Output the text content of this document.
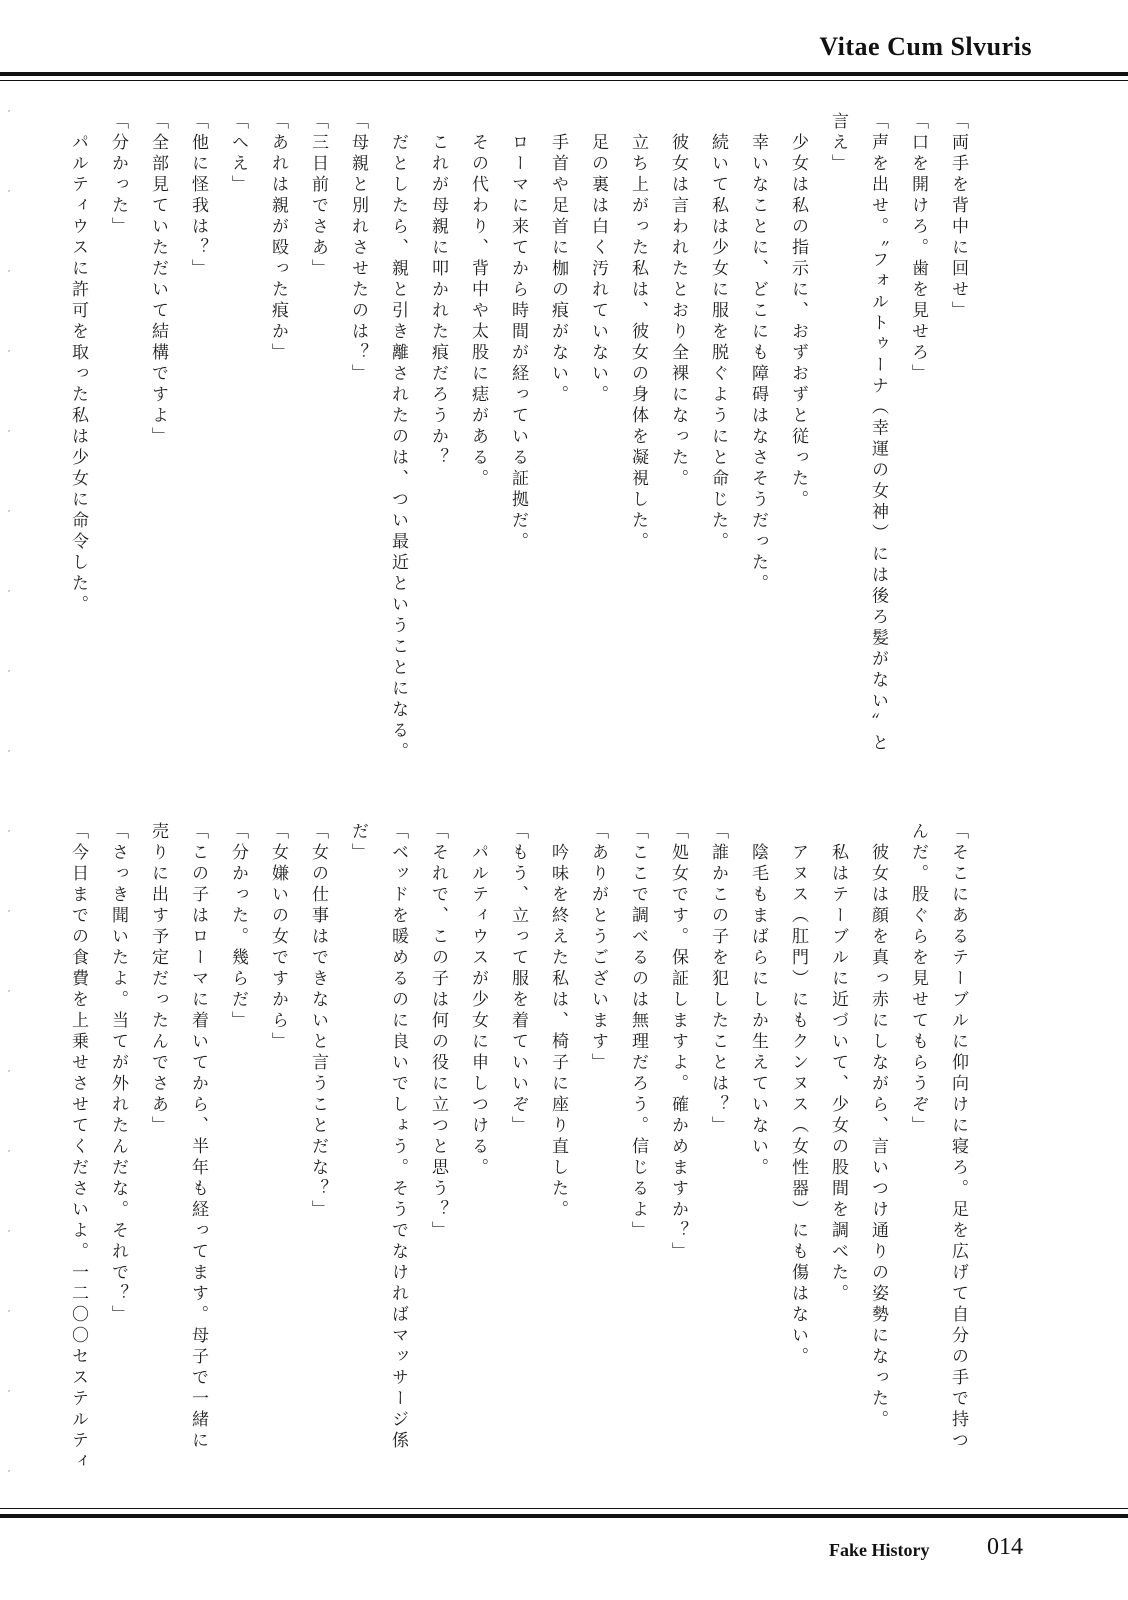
Vitae Cum Slvuris
「両手を背中に回せ」
「口を開けろ。歯を見せろ」
「声を出せ。〝フォルトゥーナ（幸運の女神）には後ろ髪がない〟と
言え」
　少女は私の指示に、おずおずと従った。
　幸いなことに、どこにも障碍はなさそうだった。
　続いて私は少女に服を脱ぐようにと命じた。
　彼女は言われたとおり全裸になった。
　立ち上がった私は、彼女の身体を凝視した。
　足の裏は白く汚れていない。
　手首や足首に枷の痕がない。
　ローマに来てから時間が経っている証拠だ。
　その代わり、背中や太股に痣がある。
　これが母親に叩かれた痕だろうか？
　だとしたら、親と引き離されたのは、つい最近ということになる。
「母親と別れさせたのは？」
「三日前でさあ」
「あれは親が殴った痕か」
「へえ」
「他に怪我は？」
「全部見ていただいて結構ですよ」
「分かった」
　パルティウスに許可を取った私は少女に命令した。
「そこにあるテーブルに仰向けに寝ろ。足を広げて自分の手で持つ
んだ。股ぐらを見せてもらうぞ」
　彼女は顔を真っ赤にしながら、言いつけ通りの姿勢になった。
　私はテーブルに近づいて、少女の股間を調べた。
　アヌス（肛門）にもクンヌス（女性器）にも傷はない。
　陰毛もまばらにしか生えていない。
「誰かこの子を犯したことは？」
「処女です。保証しますよ。確かめますか？」
「ここで調べるのは無理だろう。信じるよ」
「ありがとうございます」
　吟味を終えた私は、椅子に座り直した。
「もう、立って服を着ていいぞ」
　パルティウスが少女に申しつける。
「それで、この子は何の役に立つと思う？」
「ベッドを暖めるのに良いでしょう。そうでなければマッサージ係
だ」
「女の仕事はできないと言うことだな？」
「女嫌いの女ですから」
「分かった。幾らだ」
「この子はローマに着いてから、半年も経ってます。母子で一緒に
売りに出す予定だったんでさあ」
「さっき聞いたよ。当てが外れたんだな。それで？」
「今日までの食費を上乗せさせてくださいよ。一二〇〇セステルティ
Fake History 014
